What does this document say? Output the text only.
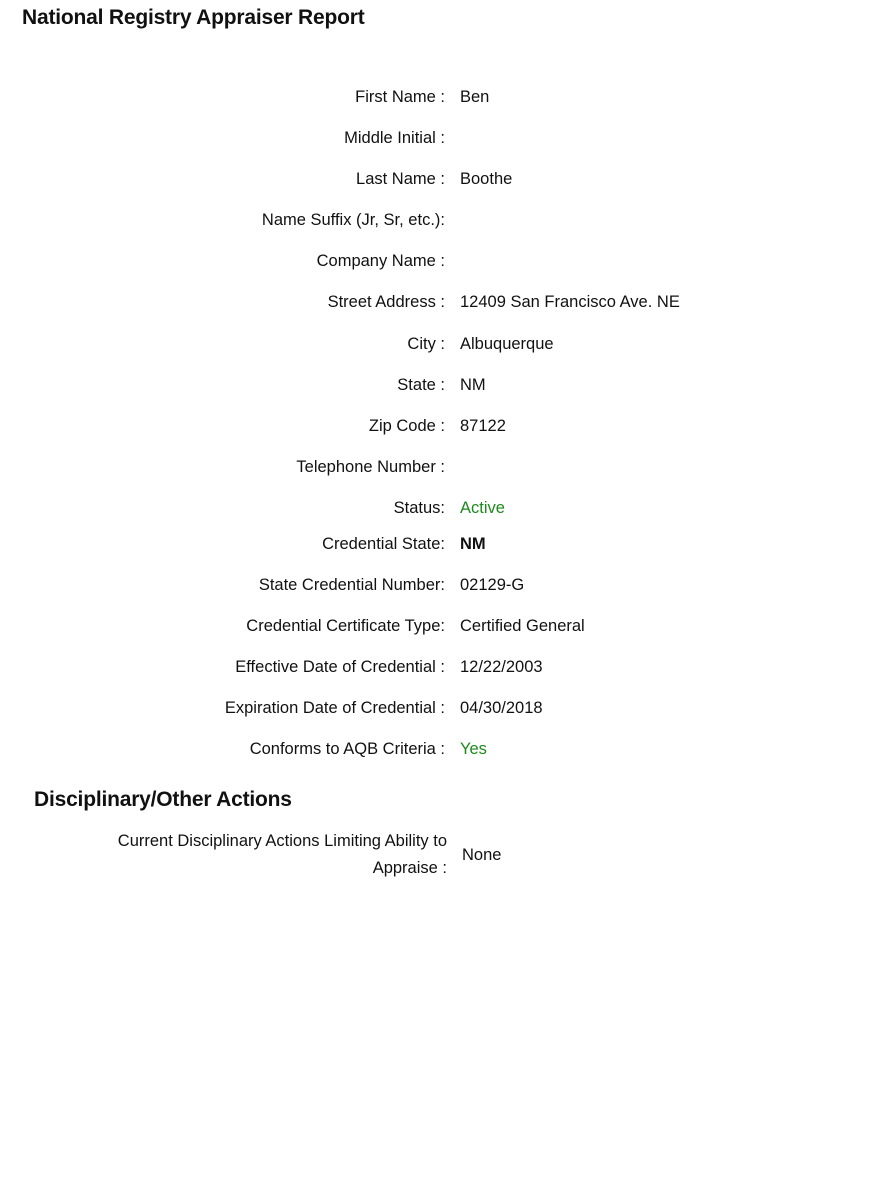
National Registry Appraiser Report
First Name : Ben
Middle Initial :
Last Name : Boothe
Name Suffix (Jr, Sr, etc.):
Company Name :
Street Address : 12409 San Francisco Ave. NE
City : Albuquerque
State : NM
Zip Code : 87122
Telephone Number :
Status: Active
Credential State: NM
State Credential Number: 02129-G
Credential Certificate Type: Certified General
Effective Date of Credential : 12/22/2003
Expiration Date of Credential : 04/30/2018
Conforms to AQB Criteria : Yes
Disciplinary/Other Actions
Current Disciplinary Actions Limiting Ability to
Appraise :
None
